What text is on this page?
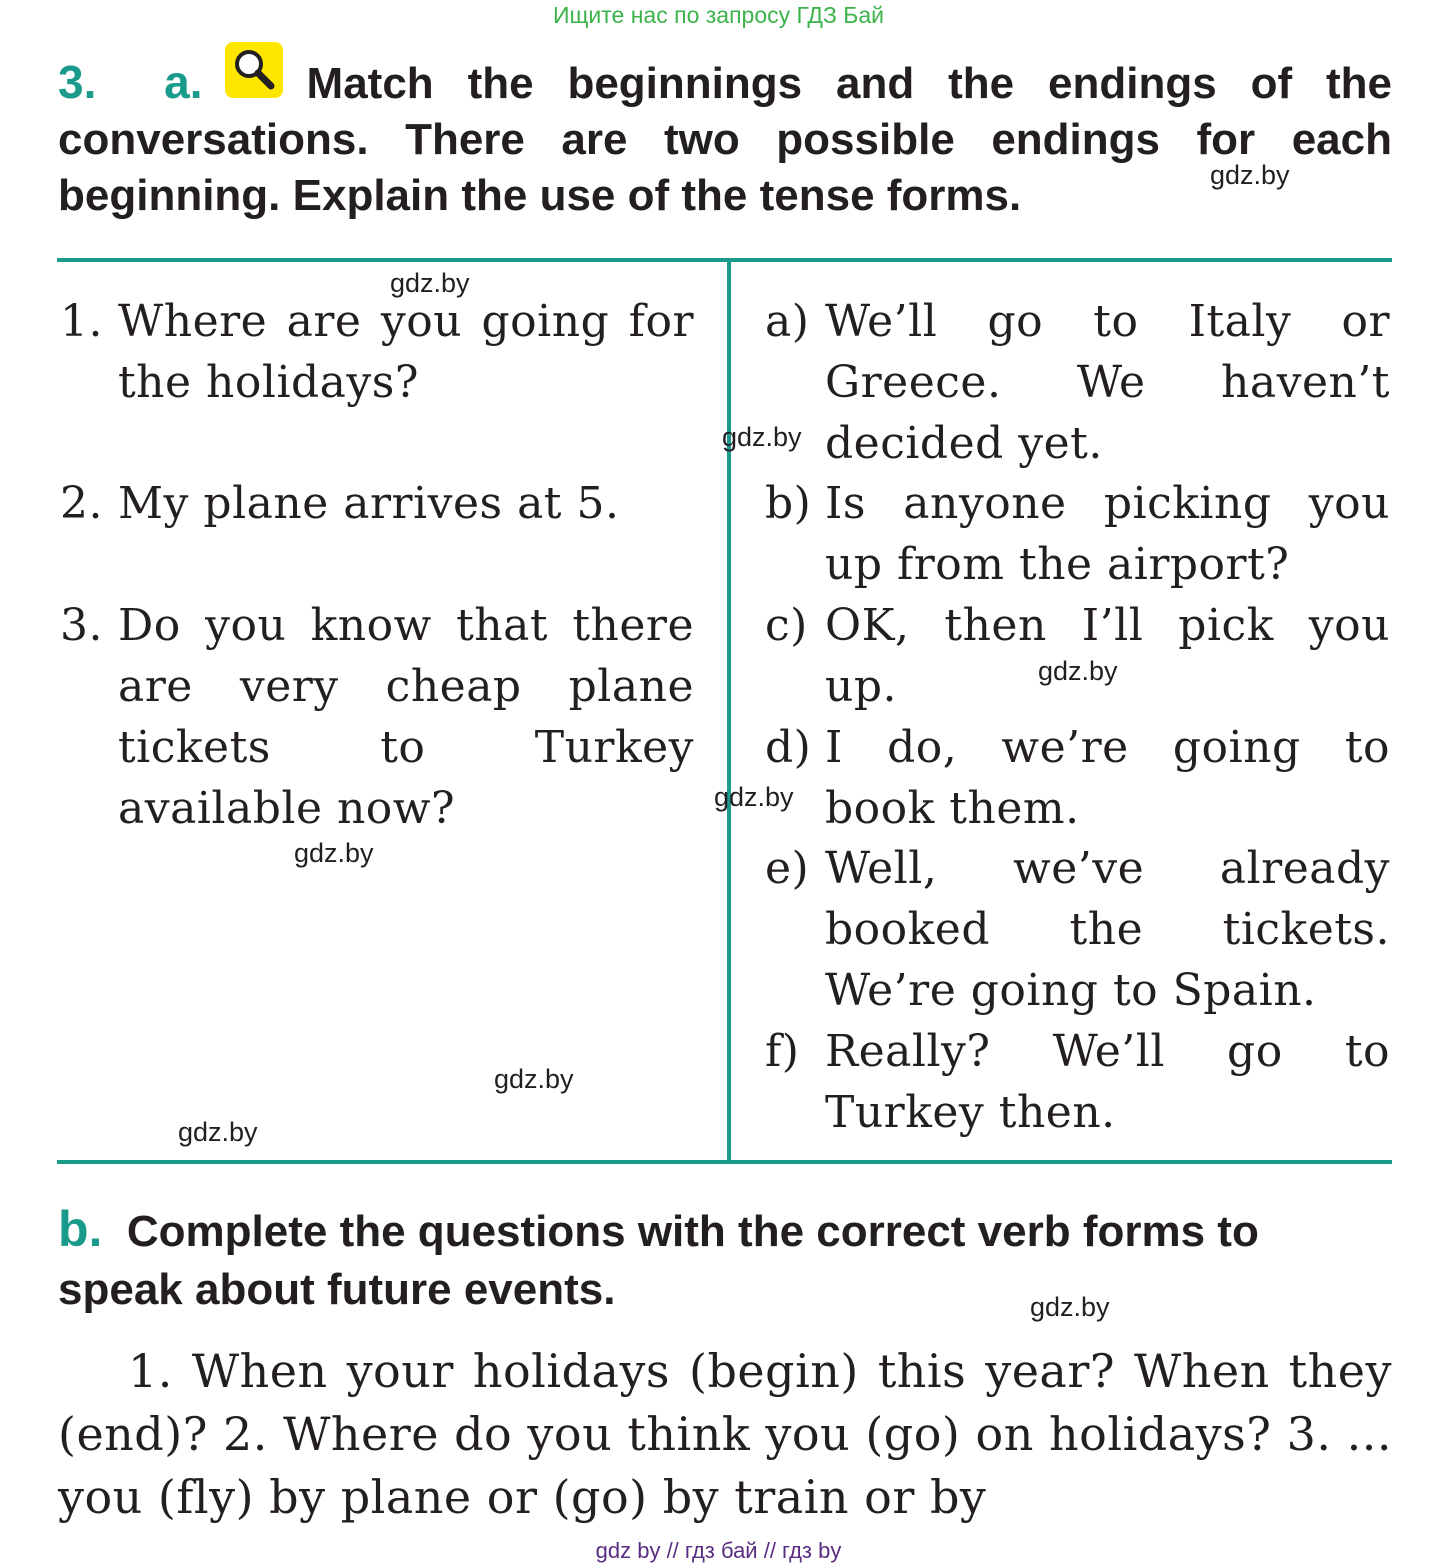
Ищите нас по запросу ГДЗ Бай
3. a. Match the beginnings and the endings of the conversations. There are two possible endings for each beginning. Explain the use of the tense forms.	gdz.by
1. Where are you going for the holidays?
2. My plane arrives at 5.
3. Do you know that there are very cheap plane tickets to Turkey available now?
a) We’ll go to Italy or Greece. We haven’t decided yet.
b) Is anyone picking you up from the airport?
c) OK, then I’ll pick you up.
d) I do, we’re going to book them.
e) Well, we’ve already booked the tickets. We’re going to Spain.
f) Really? We’ll go to Turkey then.
gdz.by
gdz.by
gdz.by
gdz.by
gdz.by
gdz.by
gdz.by
b. Complete the questions with the correct verb forms to speak about future events.	gdz.by
1. When your holidays (begin) this year? When they (end)? 2. Where do you think you (go) on holidays? 3. ... you (fly) by plane or (go) by train or by
gdz by // гдз бай // гдз by
